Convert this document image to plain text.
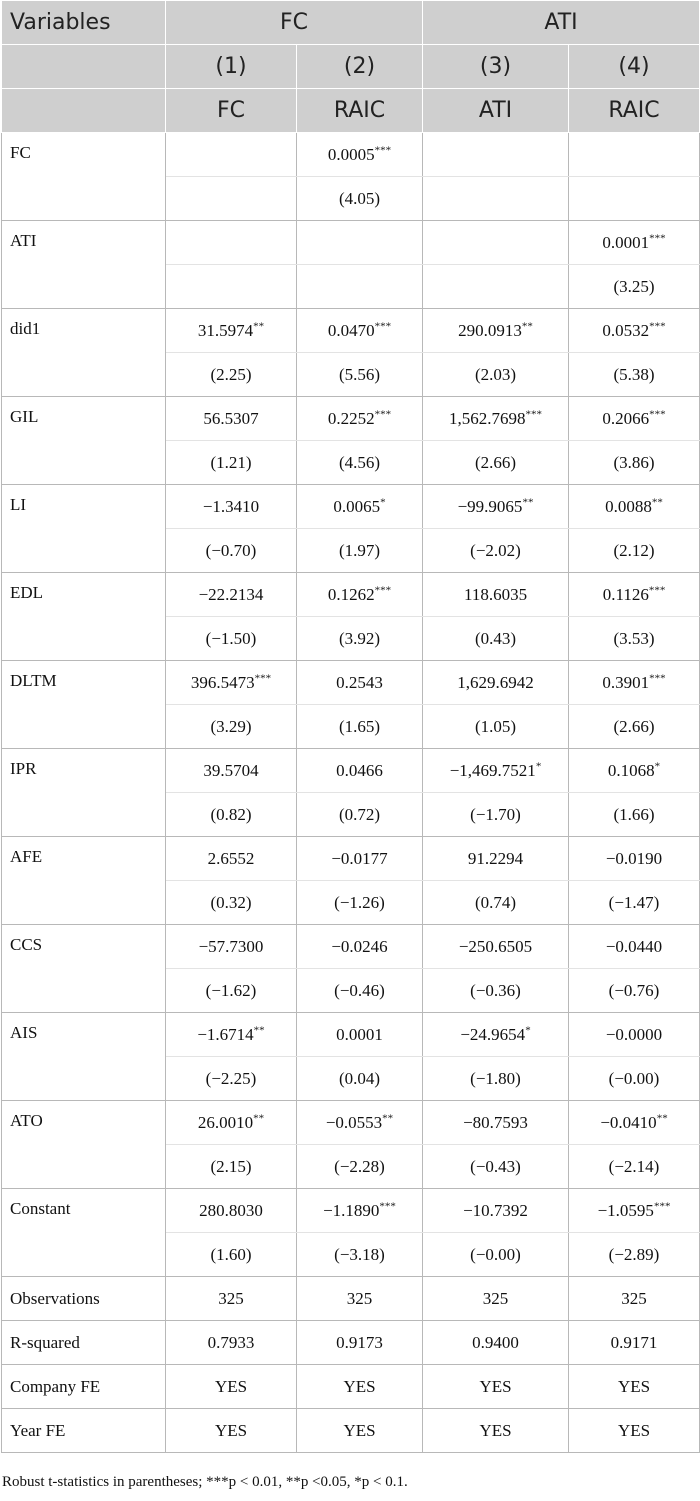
Variables	FC		ATI	
	(1)	(2)	(3)	(4)
	FC	RAIC	ATI	RAIC
FC		0.0005***		
		(4.05)		
ATI				0.0001***
				(3.25)
did1	31.5974**	0.0470***	290.0913**	0.0532***
	(2.25)	(5.56)	(2.03)	(5.38)
GIL	56.5307	0.2252***	1,562.7698***	0.2066***
	(1.21)	(4.56)	(2.66)	(3.86)
LI	−1.3410	0.0065*	−99.9065**	0.0088**
	(−0.70)	(1.97)	(−2.02)	(2.12)
EDL	−22.2134	0.1262***	118.6035	0.1126***
	(−1.50)	(3.92)	(0.43)	(3.53)
DLTM	396.5473***	0.2543	1,629.6942	0.3901***
	(3.29)	(1.65)	(1.05)	(2.66)
IPR	39.5704	0.0466	−1,469.7521*	0.1068*
	(0.82)	(0.72)	(−1.70)	(1.66)
AFE	2.6552	−0.0177	91.2294	−0.0190
	(0.32)	(−1.26)	(0.74)	(−1.47)
CCS	−57.7300	−0.0246	−250.6505	−0.0440
	(−1.62)	(−0.46)	(−0.36)	(−0.76)
AIS	−1.6714**	0.0001	−24.9654*	−0.0000
	(−2.25)	(0.04)	(−1.80)	(−0.00)
ATO	26.0010**	−0.0553**	−80.7593	−0.0410**
	(2.15)	(−2.28)	(−0.43)	(−2.14)
Constant	280.8030	−1.1890***	−10.7392	−1.0595***
	(1.60)	(−3.18)	(−0.00)	(−2.89)
Observations	325	325	325	325
R-squared	0.7933	0.9173	0.9400	0.9171
Company FE	YES	YES	YES	YES
Year FE	YES	YES	YES	YES
Robust t-statistics in parentheses; ***p < 0.01, **p <0.05, *p < 0.1.
